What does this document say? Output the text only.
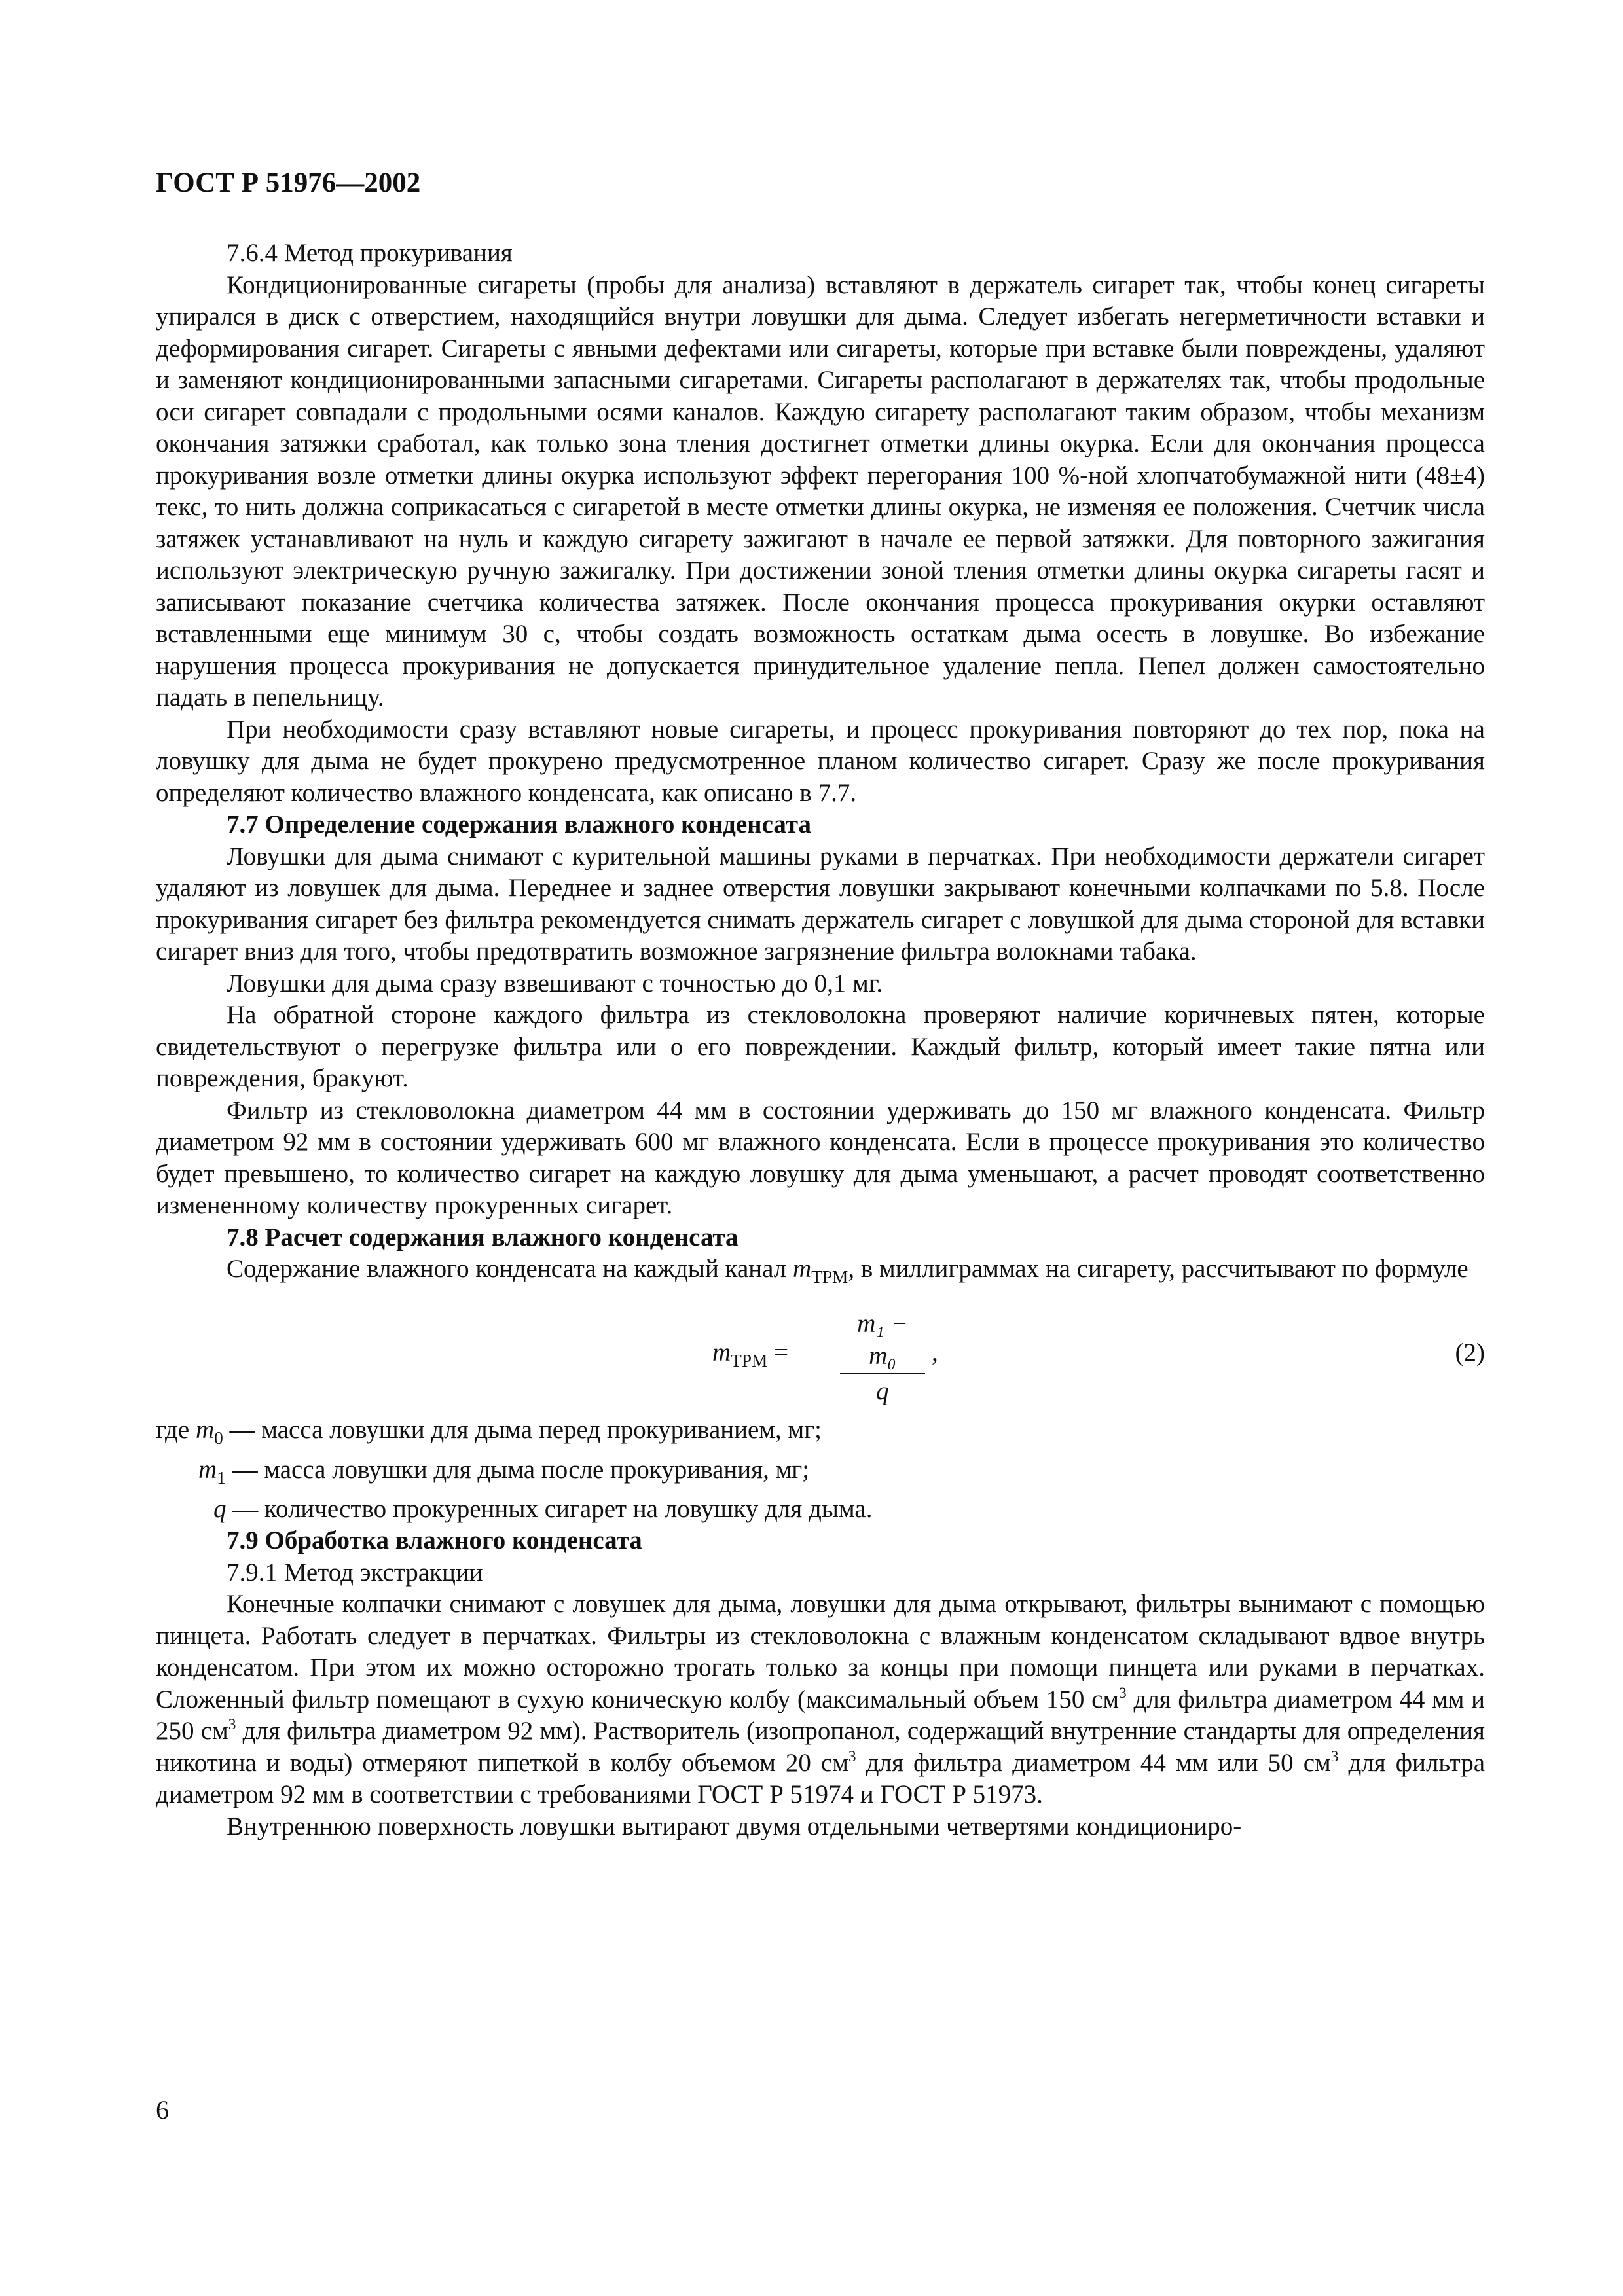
ГОСТ Р 51976—2002
7.6.4 Метод прокуривания

Кондиционированные сигареты (пробы для анализа) вставляют в держатель сигарет так, чтобы конец сигареты упирался в диск с отверстием, находящийся внутри ловушки для дыма. Следует избегать негерметичности вставки и деформирования сигарет. Сигареты с явными дефектами или сигареты, которые при вставке были повреждены, удаляют и заменяют кондиционированными запасными сигаретами. Сигареты располагают в держателях так, чтобы продольные оси сигарет совпадали с продольными осями каналов. Каждую сигарету располагают таким образом, чтобы механизм окончания затяжки сработал, как только зона тления достигнет отметки длины окурка. Если для окончания процесса прокуривания возле отметки длины окурка используют эффект перегорания 100 %-ной хлопчатобумажной нити (48±4) текс, то нить должна соприкасаться с сигаретой в месте отметки длины окурка, не изменяя ее положения. Счетчик числа затяжек устанавливают на нуль и каждую сигарету зажигают в начале ее первой затяжки. Для повторного зажигания используют электрическую ручную зажигалку. При достижении зоной тления отметки длины окурка сигареты гасят и записывают показание счетчика количества затяжек. После окончания процесса прокуривания окурки оставляют вставленными еще минимум 30 с, чтобы создать возможность остаткам дыма осесть в ловушке. Во избежание нарушения процесса прокуривания не допускается принудительное удаление пепла. Пепел должен самостоятельно падать в пепельницу.

При необходимости сразу вставляют новые сигареты, и процесс прокуривания повторяют до тех пор, пока на ловушку для дыма не будет прокурено предусмотренное планом количество сигарет. Сразу же после прокуривания определяют количество влажного конденсата, как описано в 7.7.

7.7 Определение содержания влажного конденсата

Ловушки для дыма снимают с курительной машины руками в перчатках. При необходимости держатели сигарет удаляют из ловушек для дыма. Переднее и заднее отверстия ловушки закрывают конечными колпачками по 5.8. После прокуривания сигарет без фильтра рекомендуется снимать держатель сигарет с ловушкой для дыма стороной для вставки сигарет вниз для того, чтобы предотвратить возможное загрязнение фильтра волокнами табака.

Ловушки для дыма сразу взвешивают с точностью до 0,1 мг.

На обратной стороне каждого фильтра из стекловолокна проверяют наличие коричневых пятен, которые свидетельствуют о перегрузке фильтра или о его повреждении. Каждый фильтр, который имеет такие пятна или повреждения, бракуют.

Фильтр из стекловолокна диаметром 44 мм в состоянии удерживать до 150 мг влажного конденсата. Фильтр диаметром 92 мм в состоянии удерживать 600 мг влажного конденсата. Если в процессе прокуривания это количество будет превышено, то количество сигарет на каждую ловушку для дыма уменьшают, а расчет проводят соответственно измененному количеству прокуренных сигарет.

7.8 Расчет содержания влажного конденсата

Содержание влажного конденсата на каждый канал $m_{TPM}$, в миллиграммах на сигарету, рассчитывают по формуле

$m_{TPM} = \frac{\text{m₁ − m₀}}{q}$ ,	(2)
где $m_0$ — масса ловушки для дыма перед прокуриванием, мг;
$m_1$ — масса ловушки для дыма после прокуривания, мг;
q — количество прокуренных сигарет на ловушку для дыма.
7.9 Обработка влажного конденсата
7.9.1 Метод экстракции

Конечные колпачки снимают с ловушек для дыма, ловушки для дыма открывают, фильтры вынимают с помощью пинцета. Работать следует в перчатках. Фильтры из стекловолокна с влажным конденсатом складывают вдвое внутрь конденсатом. При этом их можно осторожно трогать только за концы при помощи пинцета или руками в перчатках. Сложенный фильтр помещают в сухую коническую колбу (максимальный объем 150 $см^3$ для фильтра диаметром 44 мм и 250 $см^3$ для фильтра диаметром 92 мм). Растворитель (изопропанол, содержащий внутренние стандарты для определения никотина и воды) отмеряют пипеткой в колбу объемом 20 $см^3$ для фильтра диаметром 44 мм или 50 $см^3$ для фильтра диаметром 92 мм в соответствии с требованиями ГОСТ Р 51974 и ГОСТ Р 51973.

Внутреннюю поверхность ловушки вытирают двумя отдельными четвертями кондициониро-

6
